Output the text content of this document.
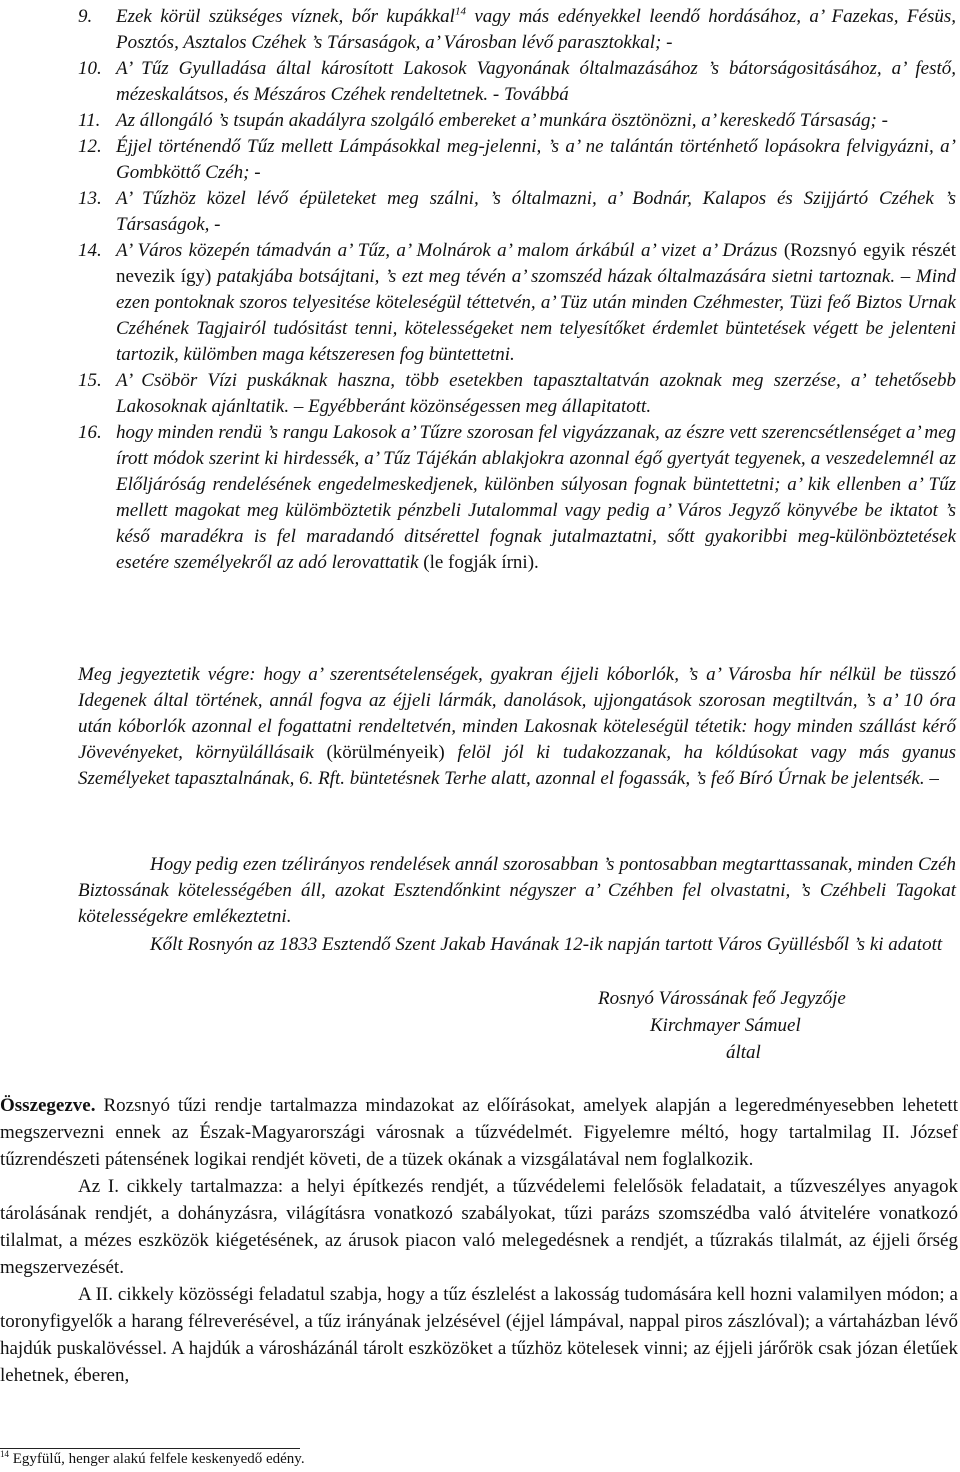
9. Ezek körül szükséges víznek, bőr kupákkal$^{14}$ vagy más edényekkel leendő hordásához, a’ Fazekas, Fésüs, Posztós, Asztalos Czéhek ’s Társaságok, a’ Városban lévő parasztokkal; -

10. A’ Tűz Gyulladása által károsított Lakosok Vagyonának óltalmazásához ’s bátorságositásához, a’ festő, mézeskalátsos, és Mészáros Czéhek rendeltetnek. - Továbbá

11. Az állongáló ’s tsupán akadályra szolgáló embereket a’ munkára ösztönözni, a’ kereskedő Társaság; -

12. Éjjel történendő Tűz mellett Lámpásokkal meg-jelenni, ’s a’ ne talántán történhető lopásokra felvigyázni, a’ Gombköttő Czéh; -

13. A’ Tűzhöz közel lévő épületeket meg szálni, ’s óltalmazni, a’ Bodnár, Kalapos és Szijjártó Czéhek ’s Társaságok, -

14. A’ Város közepén támadván a’ Tűz, a’ Molnárok a’ malom árkábúl a’ vizet a’ Drázus (Rozsnyó egyik részét nevezik így) patakjába botsájtani, ’s ezt meg tévén a’ szomszéd házak óltalmazására sietni tartoznak. – Mind ezen pontoknak szoros telyesitése köteleségül téttetvén, a’ Tüz után minden Czéhmester, Tüzi feő Biztos Urnak Czéhének Tagjairól tudósitást tenni, kötelességeket nem telyesítőket érdemlet büntetések végett be jelenteni tartozik, külömben maga kétszeresen fog büntettetni.

15. A’ Csöbör Vízi puskáknak haszna, több esetekben tapasztaltatván azoknak meg szerzése, a’ tehetősebb Lakosoknak ajánltatik. – Egyébberánt közönségessen meg állapitatott.

16. hogy minden rendü ’s rangu Lakosok a’ Tűzre szorosan fel vigyázzanak, az észre vett szerencsétlenséget a’ meg írott módok szerint ki hirdessék, a’ Tűz Tájékán ablakjokra azonnal égő gyertyát tegyenek, a veszedelemnél az Előljáróság rendelésének engedelmeskedjenek, különben súlyosan fognak büntettetni; a’ kik ellenben a’ Tűz mellett magokat meg külömböztetik pénzbeli Jutalommal vagy pedig a’ Város Jegyző könyvébe be iktatot ’s késő maradékra is fel maradandó ditsérettel fognak jutalmaztatni, sőtt gyakoribbi meg-különböztetések esetére személyekről az adó lerovattatik (le fogják írni).

Meg jegyeztetik végre: hogy a’ szerentsételenségek, gyakran éjjeli kóborlók, ’s a’ Városba hír nélkül be tüsszó Idegenek által történek, annál fogva az éjjeli lármák, danolások, ujjongatások szorosan megtiltván, ’s a’ 10 óra után kóborlók azonnal el fogattatni rendeltetvén, minden Lakosnak köteleségül tétetik: hogy minden szállást kérő Jövevényeket, környülállásaik (körülményeik) felöl jól ki tudakozzanak, ha kóldúsokat vagy más gyanus Személyeket tapasztalnának, 6. Rft. büntetésnek Terhe alatt, azonnal el fogassák, ’s feő Bíró Úrnak be jelentsék. –

Hogy pedig ezen tzélirányos rendelések annál szorosabban ’s pontosabban megtarttassanak, minden Czéh Biztossának kötelességében áll, azokat Esztendőnkint négyszer a’ Czéhben fel olvastatni, ’s Czéhbeli Tagokat kötelességekre emlékeztetni.

Kőlt Rosnyón az 1833 Esztendő Szent Jakab Havának 12-ik napján tartott Város Gyüllésből ’s ki adatott

Rosnyó Várossának feő Jegyzője
Kirchmayer Sámuel
által

Összegezve. Rozsnyó tűzi rendje tartalmazza mindazokat az előírásokat, amelyek alapján a legeredményesebben lehetett megszervezni ennek az Észak-Magyarországi városnak a tűzvédelmét. Figyelemre méltó, hogy tartalmilag II. József tűzrendészeti pátensének logikai rendjét követi, de a tüzek okának a vizsgálatával nem foglalkozik.

Az I. cikkely tartalmazza: a helyi építkezés rendjét, a tűzvédelemi felelősök feladatait, a tűzveszélyes anyagok tárolásának rendjét, a dohányzásra, világításra vonatkozó szabályokat, tűzi parázs szomszédba való átvitelére vonatkozó tilalmat, a mézes eszközök kiégetésének, az árusok piacon való melegedésnek a rendjét, a tűzrakás tilalmát, az éjjeli őrség megszervezését.

A II. cikkely közösségi feladatul szabja, hogy a tűz észlelést a lakosság tudomására kell hozni valamilyen módon; a toronyfigyelők a harang félreverésével, a tűz irányának jelzésével (éjjel lámpával, nappal piros zászlóval); a vártaházban lévő hajdúk puskalövéssel. A hajdúk a városházánál tárolt eszközöket a tűzhöz kötelesek vinni; az éjjeli járőrök csak józan életűek lehetnek, éberen,

$^{14}$ Egyfülű, henger alakú felfele keskenyedő edény.
